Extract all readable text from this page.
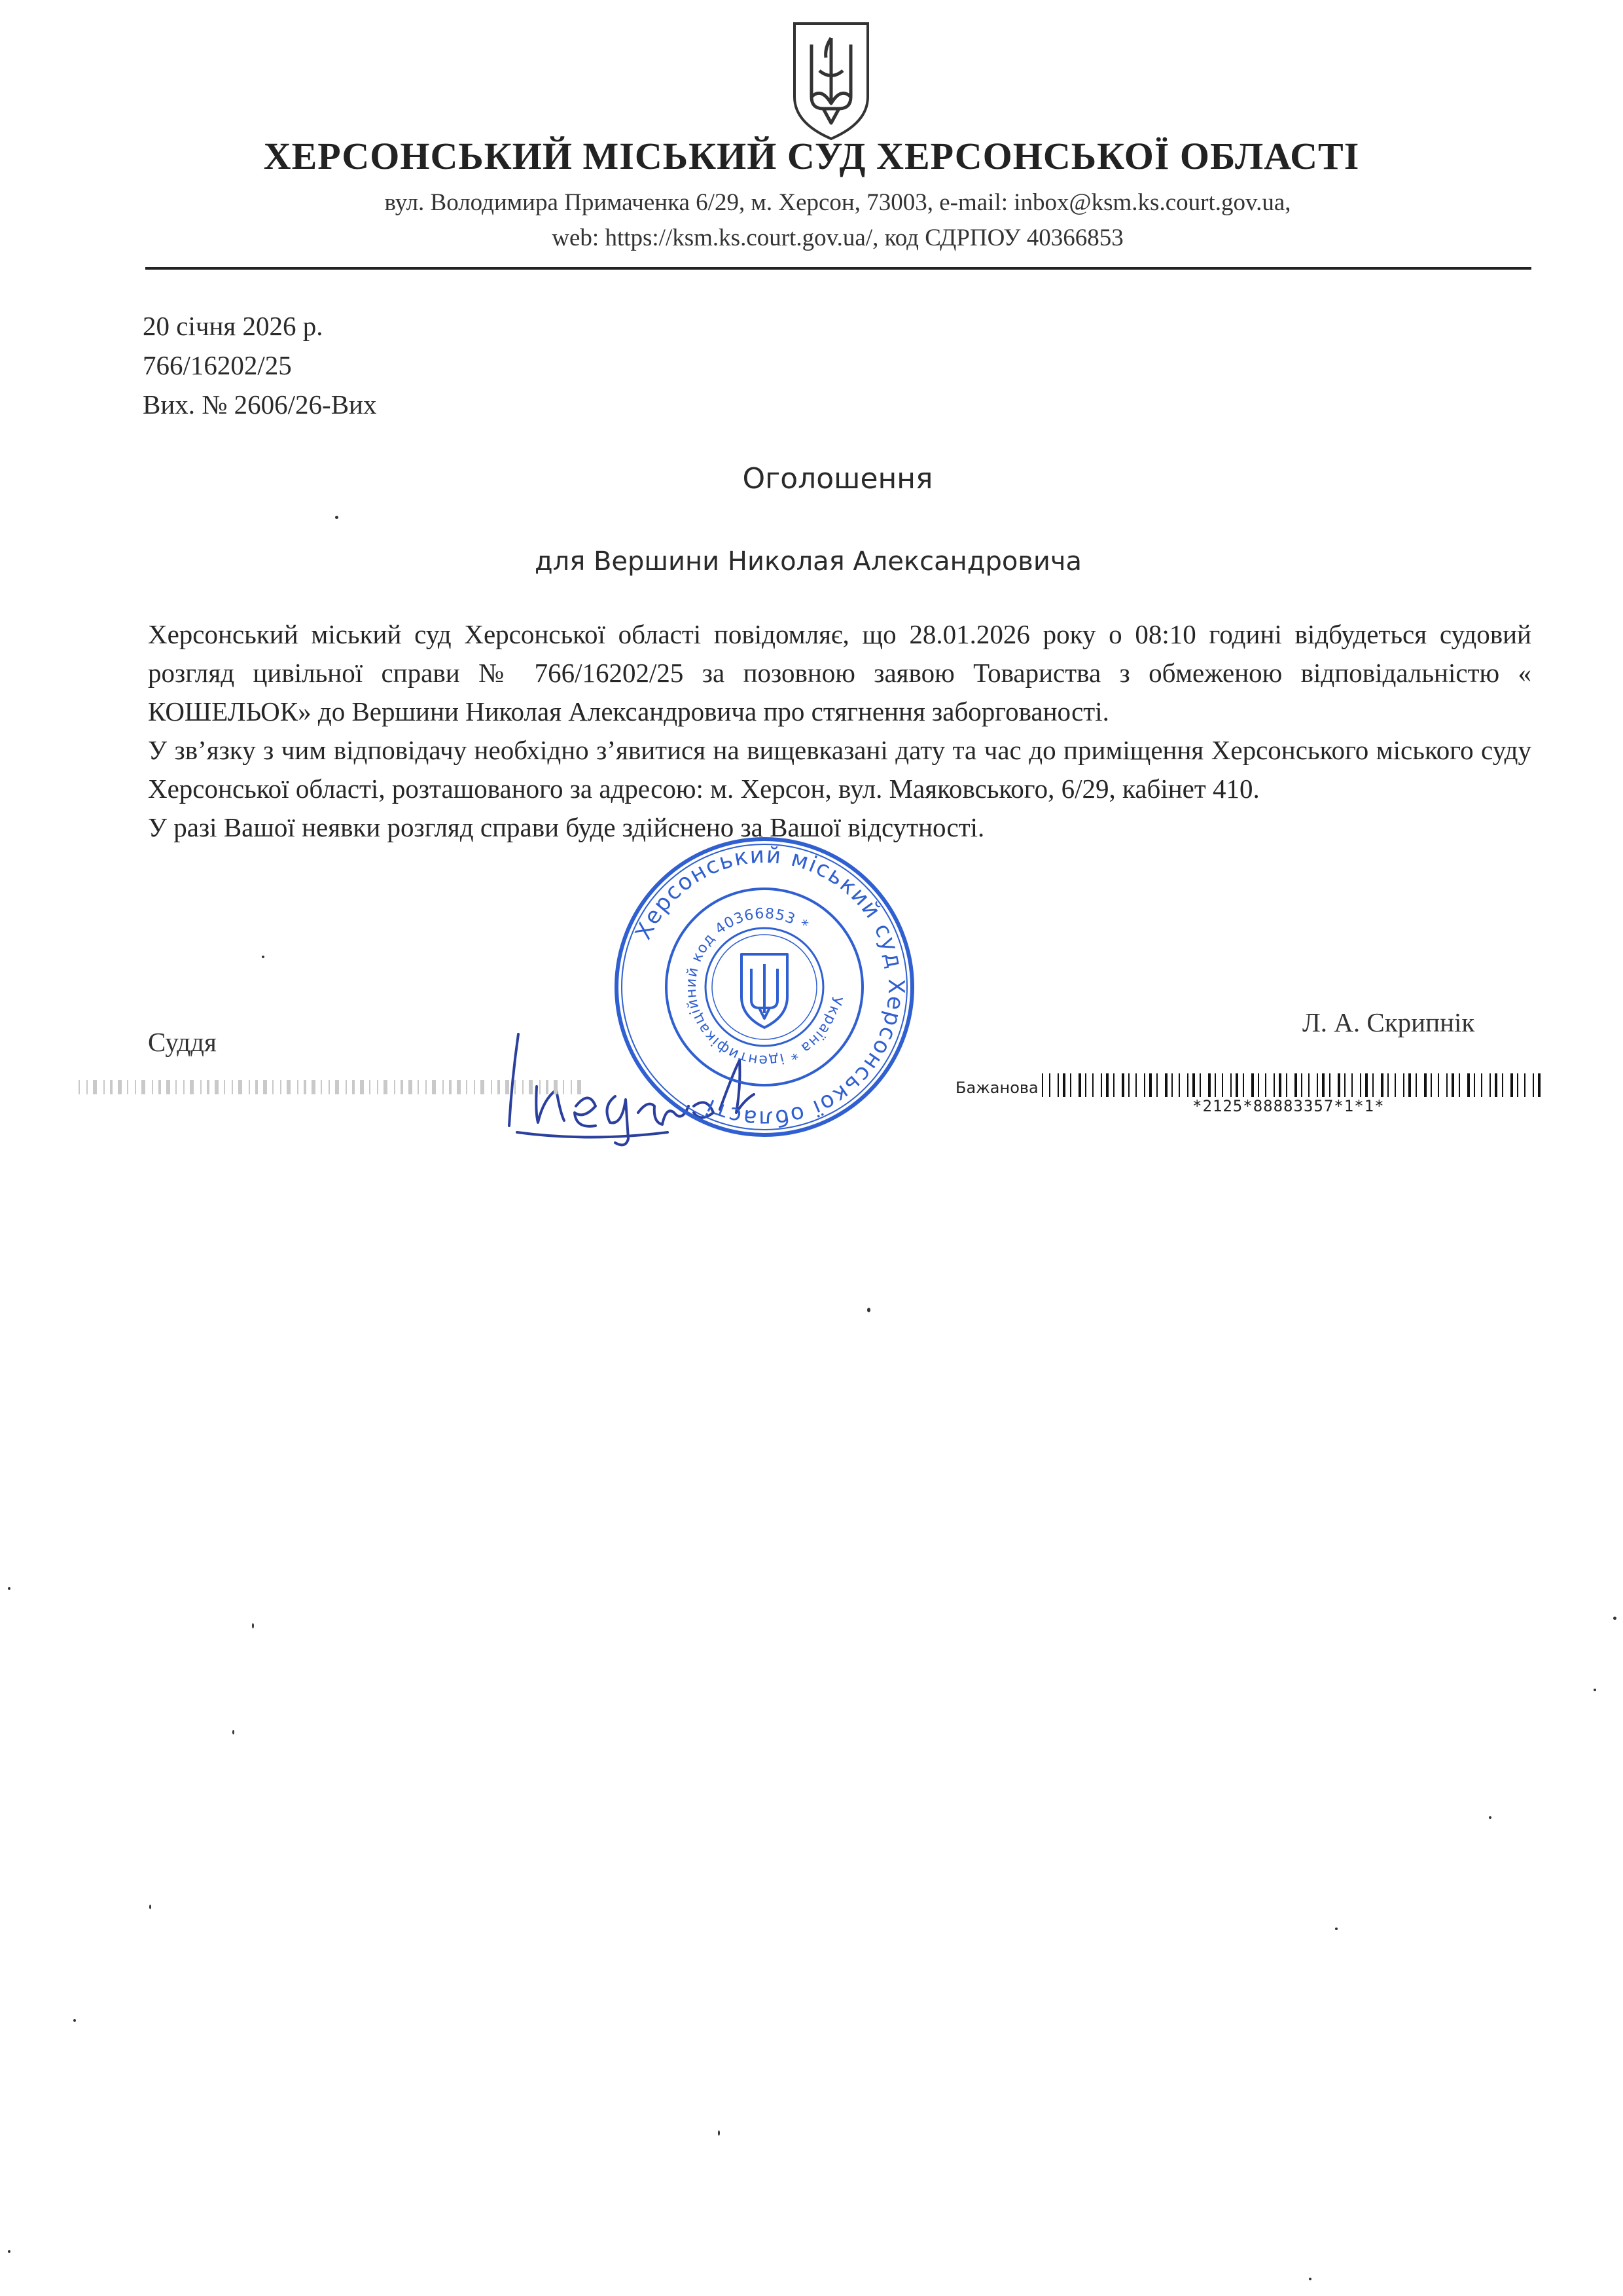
ХЕРСОНСЬКИЙ МІСЬКИЙ СУД ХЕРСОНСЬКОЇ ОБЛАСТІ
вул. Володимира Примаченка 6/29, м. Херсон, 73003, e-mail: inbox@ksm.ks.court.gov.ua,
web: https://ksm.ks.court.gov.ua/, код СДРПОУ 40366853
20 січня 2026 р.
766/16202/25
Вих. № 2606/26-Вих
Оголошення
для Вершини Николая Александровича

Херсонський міський суд Херсонської області повідомляє, що 28.01.2026 року о 08:10 годині відбудеться судовий розгляд цивільної справи № 766/16202/25 за позовною заявою Товариства з обмеженою відповідальністю « КОШЕЛЬОК» до Вершини Николая Александровича про стягнення заборгованості.

У зв’язку з чим відповідачу необхідно з’явитися на вищевказані дату та час до приміщення Херсонського міського суду Херсонської області, розташованого за адресою: м. Херсон, вул. Маяковського, 6/29, кабінет 410.

У разі Вашої неявки розгляд справи буде здійснено за Вашої відсутності.

Суддя
Л. А. Скрипнік
Херсонський міський суд Херсонської області
Україна * ідентифікаційний код 40366853 *
Бажанова
*2125*88883357*1*1*
